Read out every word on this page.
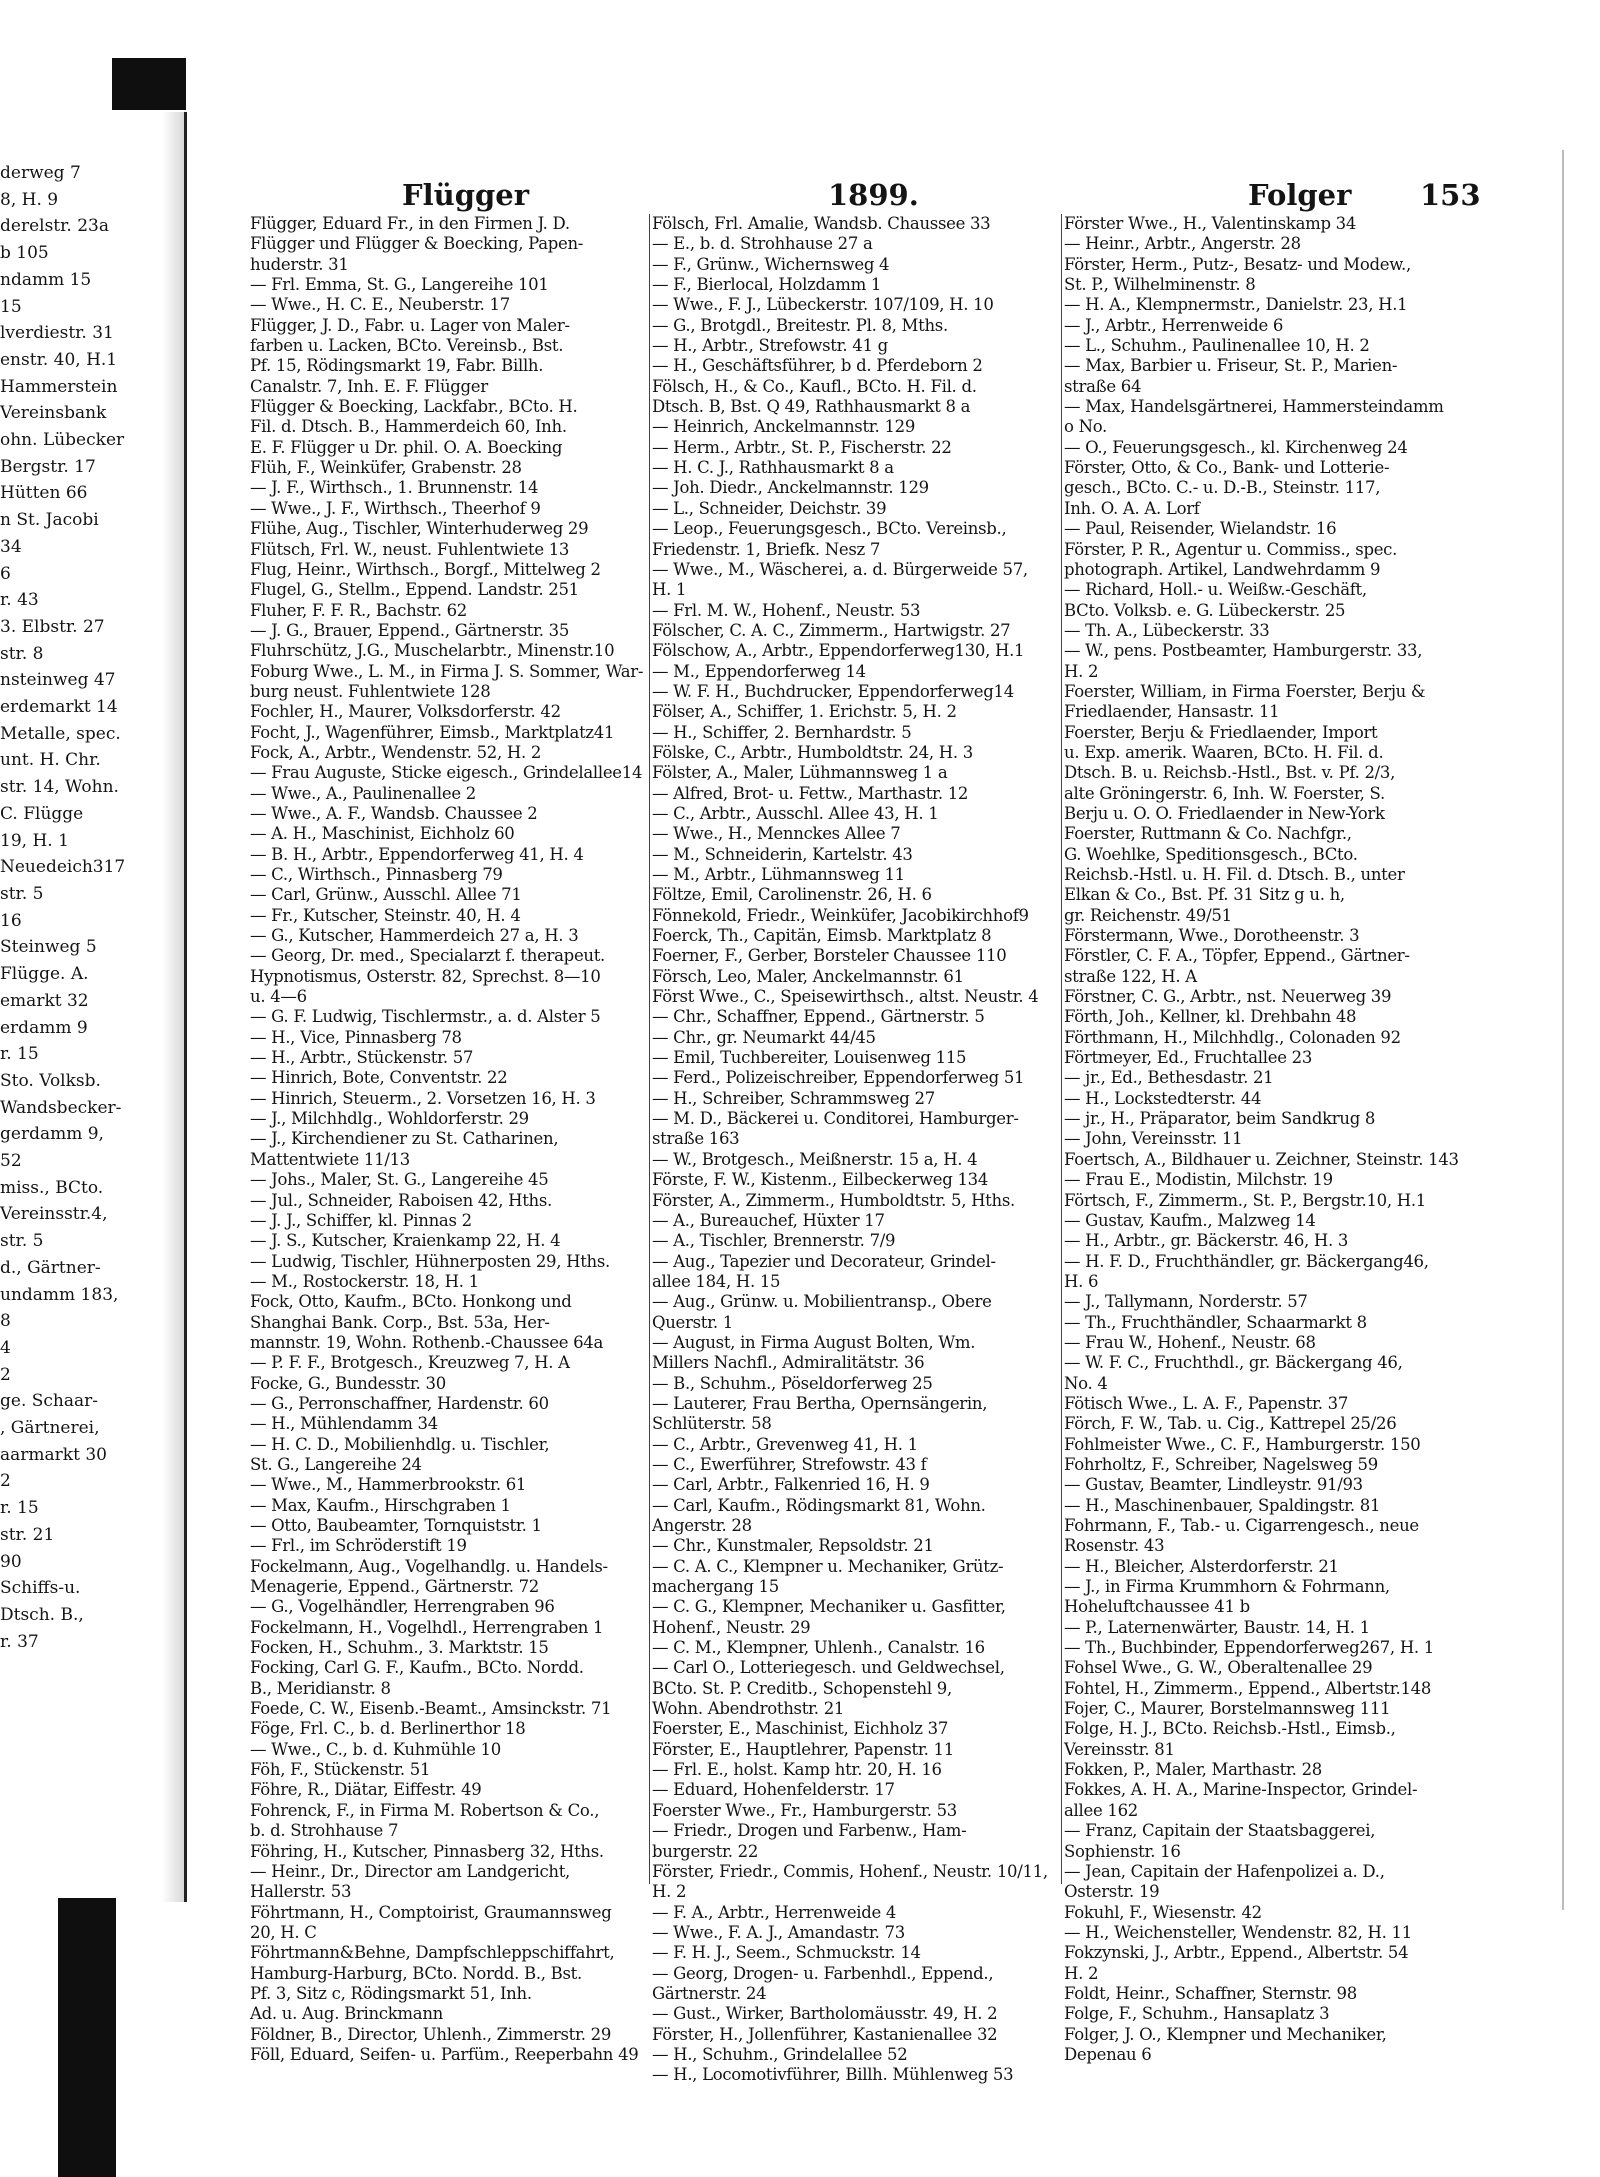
derweg 7
8, H. 9
derelstr. 23a
b 105
ndamm 15
15
lverdiestr. 31
enstr. 40, H.1
Hammerstein
Vereinsbank
ohn. Lübecker
Bergstr. 17
Hütten 66
n St. Jacobi
34
6
r. 43
3. Elbstr. 27
str. 8
nsteinweg 47
erdemarkt 14
Metalle, spec.
unt. H. Chr.
str. 14, Wohn.
C. Flügge
19, H. 1
Neuedeich317
str. 5
16
Steinweg 5
Flügge. A.
emarkt 32
erdamm 9
r. 15
Sto. Volksb.
Wandsbecker-
gerdamm 9,
52
miss., BCto.
Vereinsstr.4,
str. 5
d., Gärtner-
undamm 183,
8
4
2
ge. Schaar-
, Gärtnerei,
aarmarkt 30
2
r. 15
str. 21
90
Schiffs-u.
Dtsch. B.,
r. 37
Flügger	1899.	Folger 153
Flügger, Eduard Fr., in den Firmen J. D.
Flügger und Flügger & Boecking, Papen-
huderstr. 31
— Frl. Emma, St. G., Langereihe 101
— Wwe., H. C. E., Neuberstr. 17
Flügger, J. D., Fabr. u. Lager von Maler-
farben u. Lacken, BCto. Vereinsb., Bst.
Pf. 15, Rödingsmarkt 19, Fabr. Billh.
Canalstr. 7, Inh. E. F. Flügger
Flügger & Boecking, Lackfabr., BCto. H.
Fil. d. Dtsch. B., Hammerdeich 60, Inh.
E. F. Flügger u Dr. phil. O. A. Boecking
Flüh, F., Weinküfer, Grabenstr. 28
— J. F., Wirthsch., 1. Brunnenstr. 14
— Wwe., J. F., Wirthsch., Theerhof 9
Flühe, Aug., Tischler, Winterhuderweg 29
Flütsch, Frl. W., neust. Fuhlentwiete 13
Flug, Heinr., Wirthsch., Borgf., Mittelweg 2
Flugel, G., Stellm., Eppend. Landstr. 251
Fluher, F. F. R., Bachstr. 62
— J. G., Brauer, Eppend., Gärtnerstr. 35
Fluhrschütz, J.G., Muschelarbtr., Minenstr.10
Foburg Wwe., L. M., in Firma J. S. Sommer, War-
burg neust. Fuhlentwiete 128
Fochler, H., Maurer, Volksdorferstr. 42
Focht, J., Wagenführer, Eimsb., Marktplatz41
Fock, A., Arbtr., Wendenstr. 52, H. 2
— Frau Auguste, Sticke eigesch., Grindelallee14
— Wwe., A., Paulinenallee 2
— Wwe., A. F., Wandsb. Chaussee 2
— A. H., Maschinist, Eichholz 60
— B. H., Arbtr., Eppendorferweg 41, H. 4
— C., Wirthsch., Pinnasberg 79
— Carl, Grünw., Ausschl. Allee 71
— Fr., Kutscher, Steinstr. 40, H. 4
— G., Kutscher, Hammerdeich 27 a, H. 3
— Georg, Dr. med., Specialarzt f. therapeut.
Hypnotismus, Osterstr. 82, Sprechst. 8—10
u. 4—6
— G. F. Ludwig, Tischlermstr., a. d. Alster 5
— H., Vice, Pinnasberg 78
— H., Arbtr., Stückenstr. 57
— Hinrich, Bote, Conventstr. 22
— Hinrich, Steuerm., 2. Vorsetzen 16, H. 3
— J., Milchhdlg., Wohldorferstr. 29
— J., Kirchendiener zu St. Catharinen,
Mattentwiete 11/13
— Johs., Maler, St. G., Langereihe 45
— Jul., Schneider, Raboisen 42, Hths.
— J. J., Schiffer, kl. Pinnas 2
— J. S., Kutscher, Kraienkamp 22, H. 4
— Ludwig, Tischler, Hühnerposten 29, Hths.
— M., Rostockerstr. 18, H. 1
Fock, Otto, Kaufm., BCto. Honkong und
Shanghai Bank. Corp., Bst. 53a, Her-
mannstr. 19, Wohn. Rothenb.-Chaussee 64a
— P. F. F., Brotgesch., Kreuzweg 7, H. A
Focke, G., Bundesstr. 30
— G., Perronschaffner, Hardenstr. 60
— H., Mühlendamm 34
— H. C. D., Mobilienhdlg. u. Tischler,
St. G., Langereihe 24
— Wwe., M., Hammerbrookstr. 61
— Max, Kaufm., Hirschgraben 1
— Otto, Baubeamter, Tornquiststr. 1
— Frl., im Schröderstift 19
Fockelmann, Aug., Vogelhandlg. u. Handels-
Menagerie, Eppend., Gärtnerstr. 72
— G., Vogelhändler, Herrengraben 96
Fockelmann, H., Vogelhdl., Herrengraben 1
Focken, H., Schuhm., 3. Marktstr. 15
Focking, Carl G. F., Kaufm., BCto. Nordd.
B., Meridianstr. 8
Foede, C. W., Eisenb.-Beamt., Amsinckstr. 71
Föge, Frl. C., b. d. Berlinerthor 18
— Wwe., C., b. d. Kuhmühle 10
Föh, F., Stückenstr. 51
Föhre, R., Diätar, Eiffestr. 49
Fohrenck, F., in Firma M. Robertson & Co.,
b. d. Strohhause 7
Föhring, H., Kutscher, Pinnasberg 32, Hths.
— Heinr., Dr., Director am Landgericht,
Hallerstr. 53
Föhrtmann, H., Comptoirist, Graumannsweg
20, H. C
Föhrtmann&Behne, Dampfschleppschiffahrt,
Hamburg-Harburg, BCto. Nordd. B., Bst.
Pf. 3, Sitz c, Rödingsmarkt 51, Inh.
Ad. u. Aug. Brinckmann
Földner, B., Director, Uhlenh., Zimmerstr. 29
Föll, Eduard, Seifen- u. Parfüm., Reeperbahn 49
Fölsch, Frl. Amalie, Wandsb. Chaussee 33
— E., b. d. Strohhause 27 a
— F., Grünw., Wichernsweg 4
— F., Bierlocal, Holzdamm 1
— Wwe., F. J., Lübeckerstr. 107/109, H. 10
— G., Brotgdl., Breitestr. Pl. 8, Mths.
— H., Arbtr., Strefowstr. 41 g
— H., Geschäftsführer, b d. Pferdeborn 2
Fölsch, H., & Co., Kaufl., BCto. H. Fil. d.
Dtsch. B, Bst. Q 49, Rathhausmarkt 8 a
— Heinrich, Anckelmannstr. 129
— Herm., Arbtr., St. P., Fischerstr. 22
— H. C. J., Rathhausmarkt 8 a
— Joh. Diedr., Anckelmannstr. 129
— L., Schneider, Deichstr. 39
— Leop., Feuerungsgesch., BCto. Vereinsb.,
Friedenstr. 1, Briefk. Nesz 7
— Wwe., M., Wäscherei, a. d. Bürgerweide 57,
H. 1
— Frl. M. W., Hohenf., Neustr. 53
Fölscher, C. A. C., Zimmerm., Hartwigstr. 27
Fölschow, A., Arbtr., Eppendorferweg130, H.1
— M., Eppendorferweg 14
— W. F. H., Buchdrucker, Eppendorferweg14
Fölser, A., Schiffer, 1. Erichstr. 5, H. 2
— H., Schiffer, 2. Bernhardstr. 5
Fölske, C., Arbtr., Humboldtstr. 24, H. 3
Fölster, A., Maler, Lühmannsweg 1 a
— Alfred, Brot- u. Fettw., Marthastr. 12
— C., Arbtr., Ausschl. Allee 43, H. 1
— Wwe., H., Mennckes Allee 7
— M., Schneiderin, Kartelstr. 43
— M., Arbtr., Lühmannsweg 11
Föltze, Emil, Carolinenstr. 26, H. 6
Fönnekold, Friedr., Weinküfer, Jacobikirchhof9
Foerck, Th., Capitän, Eimsb. Marktplatz 8
Foerner, F., Gerber, Borsteler Chaussee 110
Försch, Leo, Maler, Anckelmannstr. 61
Först Wwe., C., Speisewirthsch., altst. Neustr. 4
— Chr., Schaffner, Eppend., Gärtnerstr. 5
— Chr., gr. Neumarkt 44/45
— Emil, Tuchbereiter, Louisenweg 115
— Ferd., Polizeischreiber, Eppendorferweg 51
— H., Schreiber, Schrammsweg 27
— M. D., Bäckerei u. Conditorei, Hamburger-
straße 163
— W., Brotgesch., Meißnerstr. 15 a, H. 4
Förste, F. W., Kistenm., Eilbeckerweg 134
Förster, A., Zimmerm., Humboldtstr. 5, Hths.
— A., Bureauchef, Hüxter 17
— A., Tischler, Brennerstr. 7/9
— Aug., Tapezier und Decorateur, Grindel-
allee 184, H. 15
— Aug., Grünw. u. Mobilientransp., Obere
Querstr. 1
— August, in Firma August Bolten, Wm.
Millers Nachfl., Admiralitätstr. 36
— B., Schuhm., Pöseldorferweg 25
— Lauterer, Frau Bertha, Opernsängerin,
Schlüterstr. 58
— C., Arbtr., Grevenweg 41, H. 1
— C., Ewerführer, Strefowstr. 43 f
— Carl, Arbtr., Falkenried 16, H. 9
— Carl, Kaufm., Rödingsmarkt 81, Wohn.
Angerstr. 28
— Chr., Kunstmaler, Repsoldstr. 21
— C. A. C., Klempner u. Mechaniker, Grütz-
machergang 15
— C. G., Klempner, Mechaniker u. Gasfitter,
Hohenf., Neustr. 29
— C. M., Klempner, Uhlenh., Canalstr. 16
— Carl O., Lotteriegesch. und Geldwechsel,
BCto. St. P. Creditb., Schopenstehl 9,
Wohn. Abendrothstr. 21
Foerster, E., Maschinist, Eichholz 37
Förster, E., Hauptlehrer, Papenstr. 11
— Frl. E., holst. Kamp htr. 20, H. 16
— Eduard, Hohenfelderstr. 17
Foerster Wwe., Fr., Hamburgerstr. 53
— Friedr., Drogen und Farbenw., Ham-
burgerstr. 22
Förster, Friedr., Commis, Hohenf., Neustr. 10/11,
H. 2
— F. A., Arbtr., Herrenweide 4
— Wwe., F. A. J., Amandastr. 73
— F. H. J., Seem., Schmuckstr. 14
— Georg, Drogen- u. Farbenhdl., Eppend.,
Gärtnerstr. 24
— Gust., Wirker, Bartholomäusstr. 49, H. 2
Förster, H., Jollenführer, Kastanienallee 32
— H., Schuhm., Grindelallee 52
— H., Locomotivführer, Billh. Mühlenweg 53
Förster Wwe., H., Valentinskamp 34
— Heinr., Arbtr., Angerstr. 28
Förster, Herm., Putz-, Besatz- und Modew.,
St. P., Wilhelminenstr. 8
— H. A., Klempnermstr., Danielstr. 23, H.1
— J., Arbtr., Herrenweide 6
— L., Schuhm., Paulinenallee 10, H. 2
— Max, Barbier u. Friseur, St. P., Marien-
straße 64
— Max, Handelsgärtnerei, Hammersteindamm
o No.
— O., Feuerungsgesch., kl. Kirchenweg 24
Förster, Otto, & Co., Bank- und Lotterie-
gesch., BCto. C.- u. D.-B., Steinstr. 117,
Inh. O. A. A. Lorf
— Paul, Reisender, Wielandstr. 16
Förster, P. R., Agentur u. Commiss., spec.
photograph. Artikel, Landwehrdamm 9
— Richard, Holl.- u. Weißw.-Geschäft,
BCto. Volksb. e. G. Lübeckerstr. 25
— Th. A., Lübeckerstr. 33
— W., pens. Postbeamter, Hamburgerstr. 33,
H. 2
Foerster, William, in Firma Foerster, Berju &
Friedlaender, Hansastr. 11
Foerster, Berju & Friedlaender, Import
u. Exp. amerik. Waaren, BCto. H. Fil. d.
Dtsch. B. u. Reichsb.-Hstl., Bst. v. Pf. 2/3,
alte Gröningerstr. 6, Inh. W. Foerster, S.
Berju u. O. O. Friedlaender in New-York
Foerster, Ruttmann & Co. Nachfgr.,
G. Woehlke, Speditionsgesch., BCto.
Reichsb.-Hstl. u. H. Fil. d. Dtsch. B., unter
Elkan & Co., Bst. Pf. 31 Sitz g u. h,
gr. Reichenstr. 49/51
Förstermann, Wwe., Dorotheenstr. 3
Förstler, C. F. A., Töpfer, Eppend., Gärtner-
straße 122, H. A
Förstner, C. G., Arbtr., nst. Neuerweg 39
Förth, Joh., Kellner, kl. Drehbahn 48
Förthmann, H., Milchhdlg., Colonaden 92
Förtmeyer, Ed., Fruchtallee 23
— jr., Ed., Bethesdastr. 21
— H., Lockstedterstr. 44
— jr., H., Präparator, beim Sandkrug 8
— John, Vereinsstr. 11
Foertsch, A., Bildhauer u. Zeichner, Steinstr. 143
— Frau E., Modistin, Milchstr. 19
Förtsch, F., Zimmerm., St. P., Bergstr.10, H.1
— Gustav, Kaufm., Malzweg 14
— H., Arbtr., gr. Bäckerstr. 46, H. 3
— H. F. D., Fruchthändler, gr. Bäckergang46,
H. 6
— J., Tallymann, Norderstr. 57
— Th., Fruchthändler, Schaarmarkt 8
— Frau W., Hohenf., Neustr. 68
— W. F. C., Fruchthdl., gr. Bäckergang 46,
No. 4
Fötisch Wwe., L. A. F., Papenstr. 37
Förch, F. W., Tab. u. Cig., Kattrepel 25/26
Fohlmeister Wwe., C. F., Hamburgerstr. 150
Fohrholtz, F., Schreiber, Nagelsweg 59
— Gustav, Beamter, Lindleystr. 91/93
— H., Maschinenbauer, Spaldingstr. 81
Fohrmann, F., Tab.- u. Cigarrengesch., neue
Rosenstr. 43
— H., Bleicher, Alsterdorferstr. 21
— J., in Firma Krummhorn & Fohrmann,
Hoheluftchaussee 41 b
— P., Laternenwärter, Baustr. 14, H. 1
— Th., Buchbinder, Eppendorferweg267, H. 1
Fohsel Wwe., G. W., Oberaltenallee 29
Fohtel, H., Zimmerm., Eppend., Albertstr.148
Fojer, C., Maurer, Borstelmannsweg 111
Folge, H. J., BCto. Reichsb.-Hstl., Eimsb.,
Vereinsstr. 81
Fokken, P., Maler, Marthastr. 28
Fokkes, A. H. A., Marine-Inspector, Grindel-
allee 162
— Franz, Capitain der Staatsbaggerei,
Sophienstr. 16
— Jean, Capitain der Hafenpolizei a. D.,
Osterstr. 19
Fokuhl, F., Wiesenstr. 42
— H., Weichensteller, Wendenstr. 82, H. 11
Fokzynski, J., Arbtr., Eppend., Albertstr. 54
H. 2
Foldt, Heinr., Schaffner, Sternstr. 98
Folge, F., Schuhm., Hansaplatz 3
Folger, J. O., Klempner und Mechaniker,
Depenau 6
